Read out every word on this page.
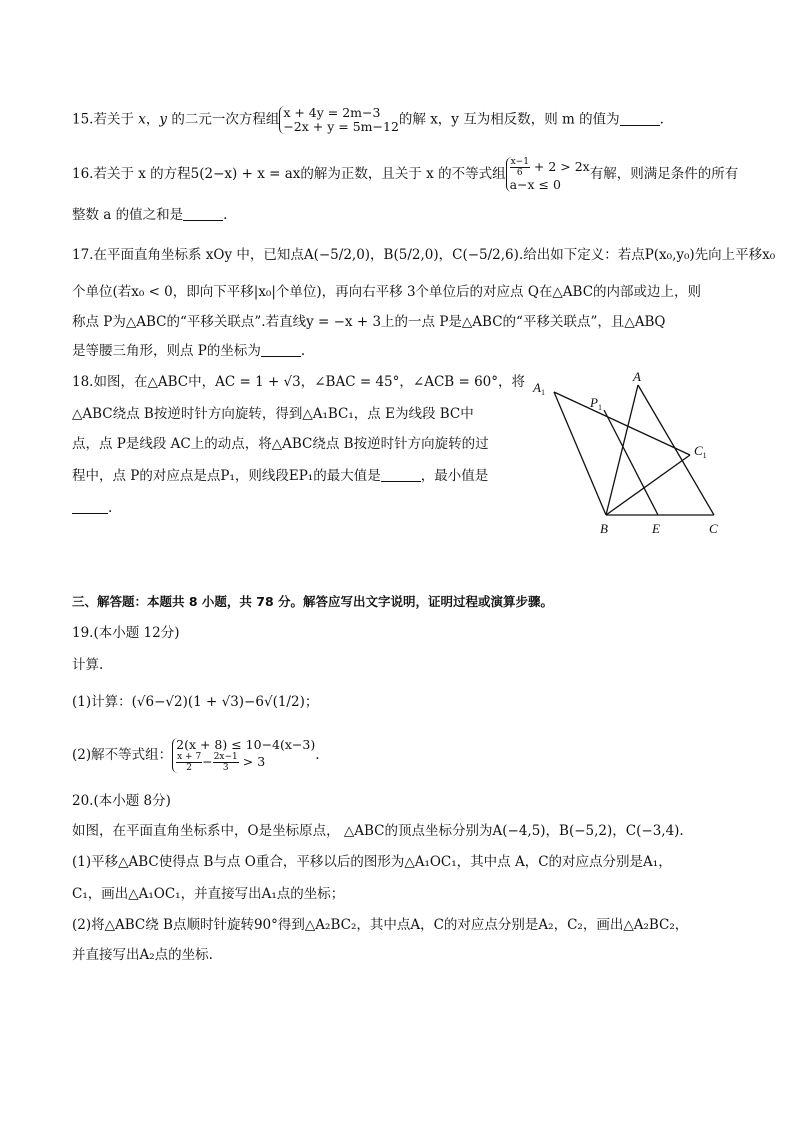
15.若关于 x，y 的二元一次方程组 x + 4y = 2m−3
−2x + y = 5m−12 的解 x，y 互为相反数，则 m 的值为	.
16.若关于 x 的方程5(2−x) + x = ax的解为正数，且关于 x 的不等式组 $\frac{x-1}{6} + 2 > 2x$
a−x ≤ 0
有解，则满足条件的所有
整数 a 的值之和是	.
17.在平面直角坐标系 xOy 中，已知点A(−5/2,0)，B(5/2,0)，C(−5/2,6).给出如下定义：若点P(x₀,y₀)先向上平移x₀
个单位(若x₀ < 0，即向下平移|x₀|个单位)，再向右平移 3个单位后的对应点 Q在△ABC的内部或边上，则
称点 P为△ABC的“平移关联点”.若直线y = −x + 3上的一点 P是△ABC的“平移关联点”，且△ABQ
是等腰三角形，则点 P的坐标为	.
18.如图，在△ABC中，AC = 1 + √3，∠BAC = 45°，∠ACB = 60°，将
△ABC绕点 B按逆时针方向旋转，得到△A₁BC₁，点 E为线段 BC中
点，点 P是线段 AC上的动点，将△ABC绕点 B按逆时针方向旋转的过
程中，点 P的对应点是点P₁，则线段EP₁的最大值是	，最小值是
.
$A_1$
A
$P_1$
$C_1$
B	E	C
三、解答题：本题共 8 小题，共 78 分。解答应写出文字说明，证明过程或演算步骤。
19.(本小题 12分)
计算.
(1)计算：(√6−√2)(1 + √3)−6√(1/2)；
(2)解不等式组：
2(x + 8) ≤ 10−4(x−3)
$\frac{x + 7}{2} - \frac{2x-1}{3} > 3$	.
20.(本小题 8分)
如图，在平面直角坐标系中，O是坐标原点， △ABC的顶点坐标分别为A(−4,5)，B(−5,2)，C(−3,4).
(1)平移△ABC使得点 B与点 O重合，平移以后的图形为△A₁OC₁，其中点 A，C的对应点分别是A₁，
C₁，画出△A₁OC₁，并直接写出A₁点的坐标；
(2)将△ABC绕 B点顺时针旋转90°得到△A₂BC₂，其中点A，C的对应点分别是A₂，C₂，画出△A₂BC₂，
并直接写出A₂点的坐标.
